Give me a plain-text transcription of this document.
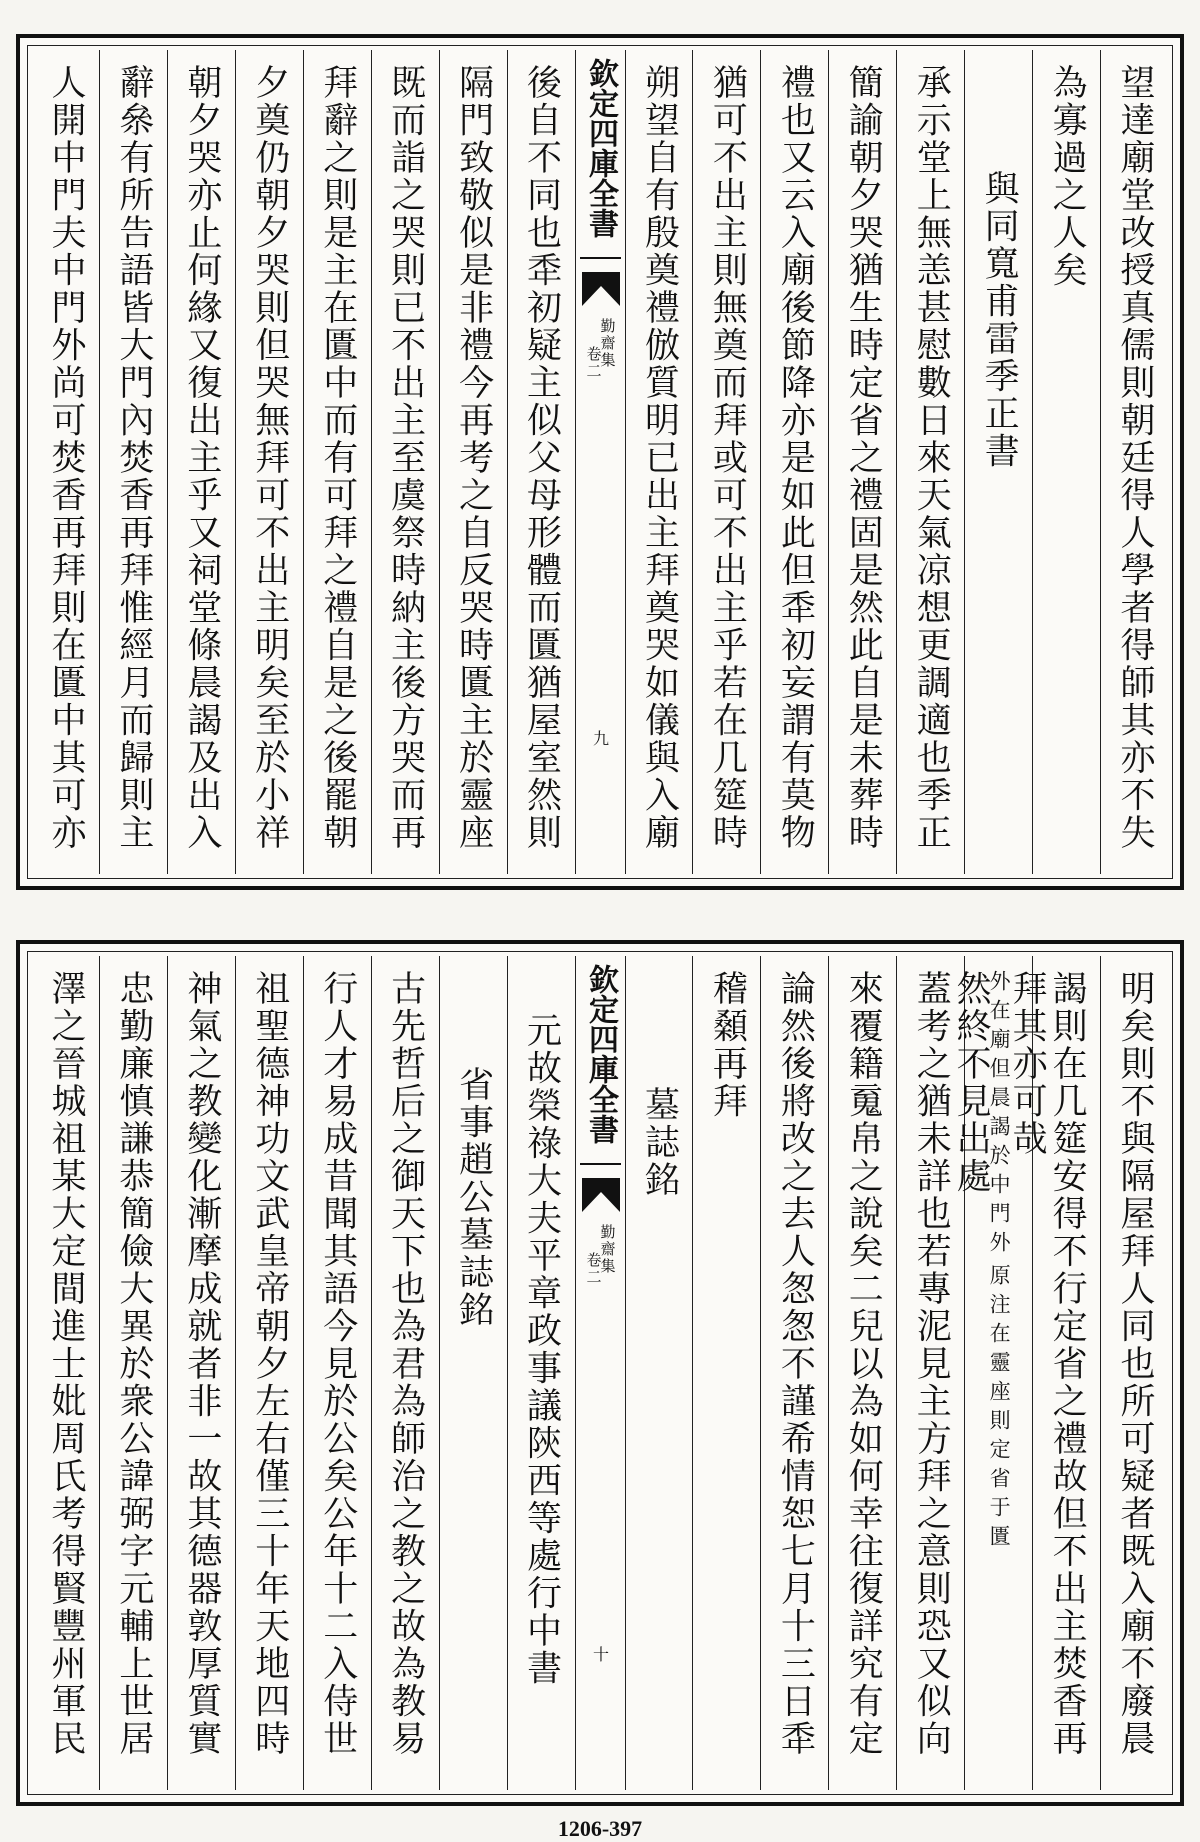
望達廟堂改授真儒則朝廷得人學者得師其亦不失
為寡過之人矣
與同寬甫雷季正書
承示堂上無恙甚慰數日來天氣凉想更調適也季正
簡諭朝夕哭猶生時定省之禮固是然此自是未葬時
禮也又云入廟後節降亦是如此但䄵初妄謂有莫物
猶可不出主則無奠而拜或可不出主乎若在几筵時
朔望自有殷奠禮倣質明已出主拜奠哭如儀與入廟
欽定四庫全書
勤齋集
卷二
九
後自不同也䄵初疑主似父母形體而匱猶屋室然則
隔門致敬似是非禮今再考之自反哭時匱主於靈座
既而詣之哭則已不出主至虞祭時納主後方哭而再
拜辭之則是主在匱中而有可拜之禮自是之後罷朝
夕奠仍朝夕哭則但哭無拜可不出主明矣至於小祥
朝夕哭亦止何緣又復出主乎又祠堂條晨謁及出入
辭㕘有所告語皆大門內焚香再拜惟經月而歸則主
人開中門夫中門外尚可焚香再拜則在匱中其可亦
明矣則不與隔屋拜人同也所可疑者既入廟不廢晨
謁則在几筵安得不行定省之禮故但不出主焚香再
拜其亦可哉
原注在靈座則定省于匱
外在廟但晨謁於中門外
然終不見出處
蓋考之猶未詳也若專泥見主方拜之意則恐又似向
來覆籍䰟帛之說矣二兒以為如何幸往復詳究有定
論然後將改之去人怱怱不謹希情恕七月十三日䄵
稽顙再拜
墓誌銘
欽定四庫全書
勤齋集
卷二
十
元故榮祿大夫平章政事議陝西等處行中書
省事趙公墓誌銘
古先哲后之御天下也為君為師治之教之故為教易
行人才易成昔聞其語今見於公矣公年十二入侍世
祖聖德神功文武皇帝朝夕左右僅三十年天地四時
神氣之教變化漸摩成就者非一故其德器敦厚質實
忠勤廉慎謙恭簡儉大異於衆公諱弼字元輔上世居
澤之晉城祖某大定間進士妣周氏考得賢豐州軍民
1206-397
